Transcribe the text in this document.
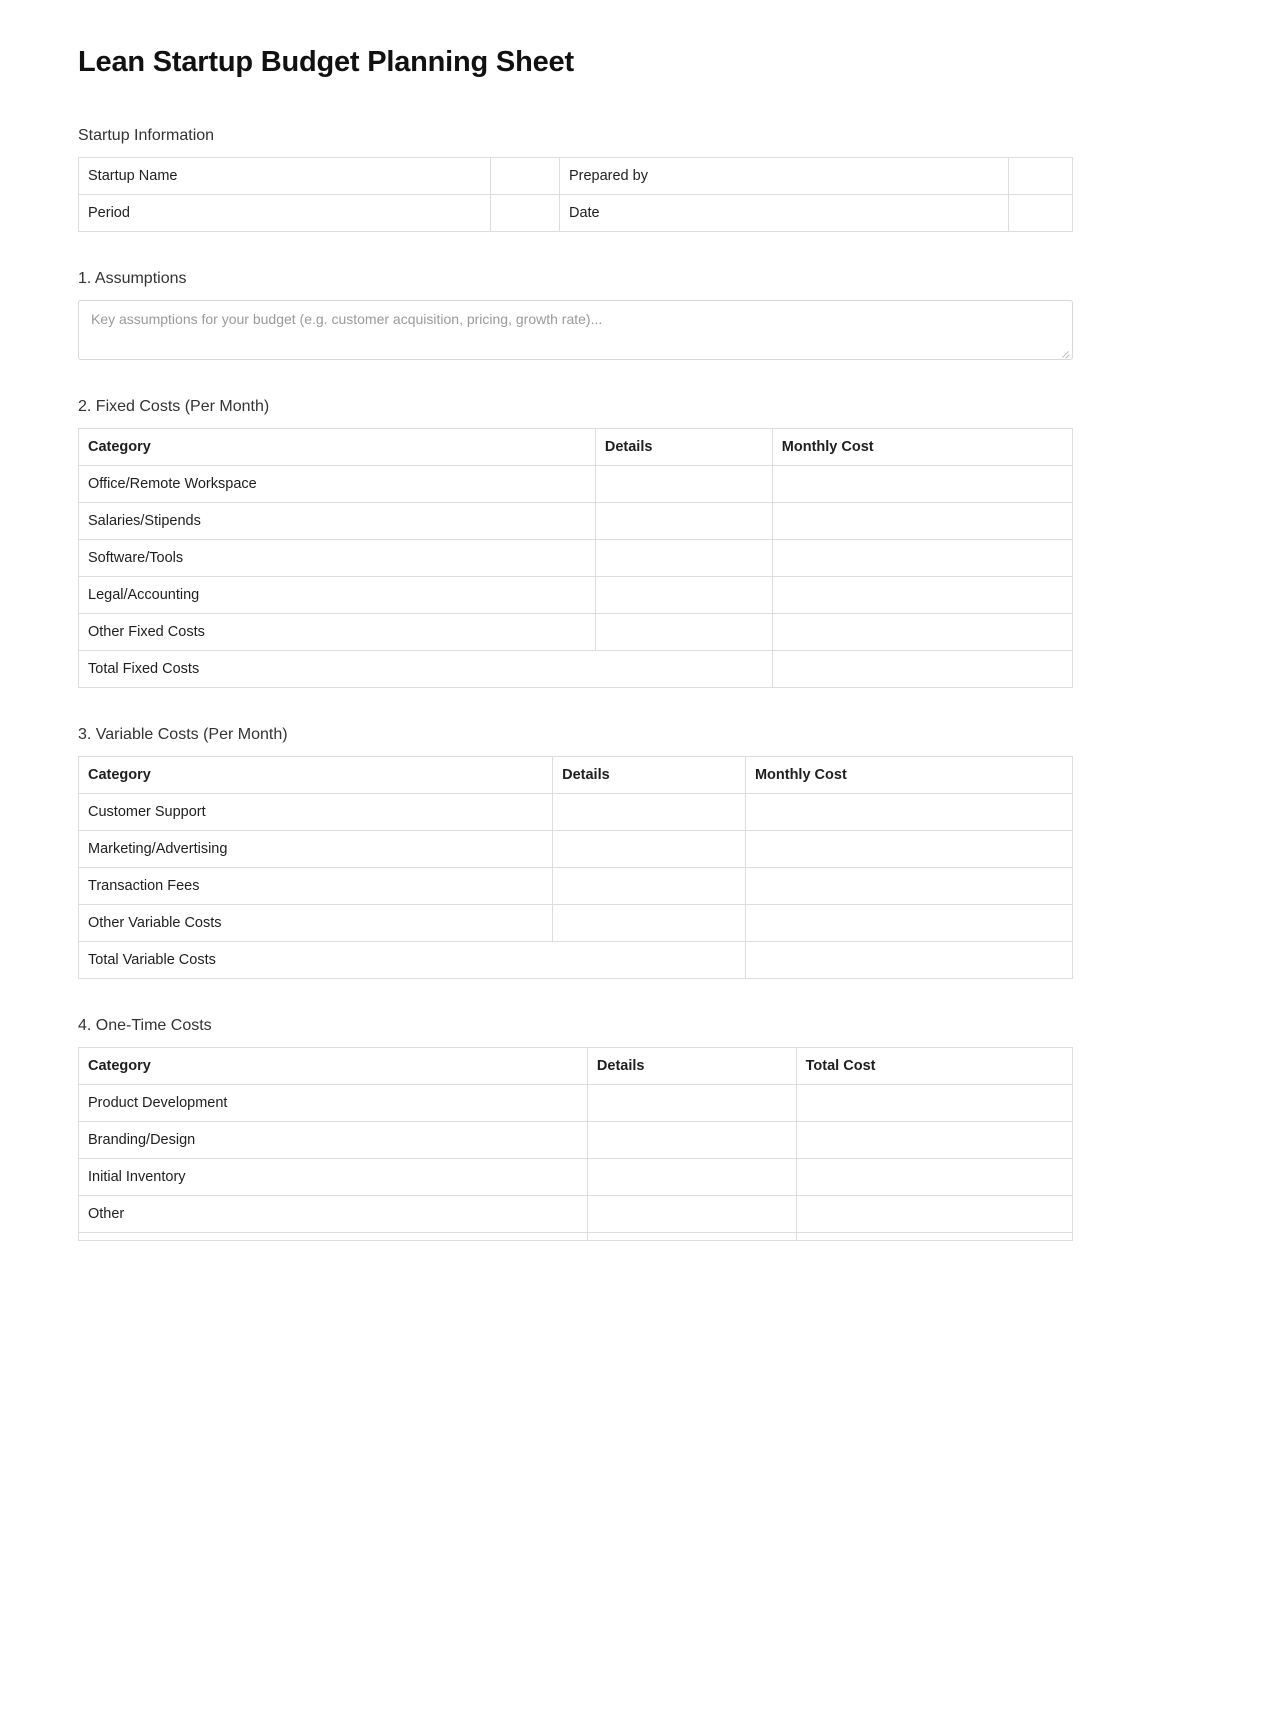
Lean Startup Budget Planning Sheet
Startup Information
Startup Name		Prepared by	
Period		Date	
1. Assumptions
Key assumptions for your budget (e.g. customer acquisition, pricing, growth rate)...
2. Fixed Costs (Per Month)
Category	Details	Monthly Cost
Office/Remote Workspace		
Salaries/Stipends		
Software/Tools		
Legal/Accounting		
Other Fixed Costs		
Total Fixed Costs		
3. Variable Costs (Per Month)
Category	Details	Monthly Cost
Customer Support		
Marketing/Advertising		
Transaction Fees		
Other Variable Costs		
Total Variable Costs		
4. One-Time Costs
Category	Details	Total Cost
Product Development		
Branding/Design		
Initial Inventory		
Other		
